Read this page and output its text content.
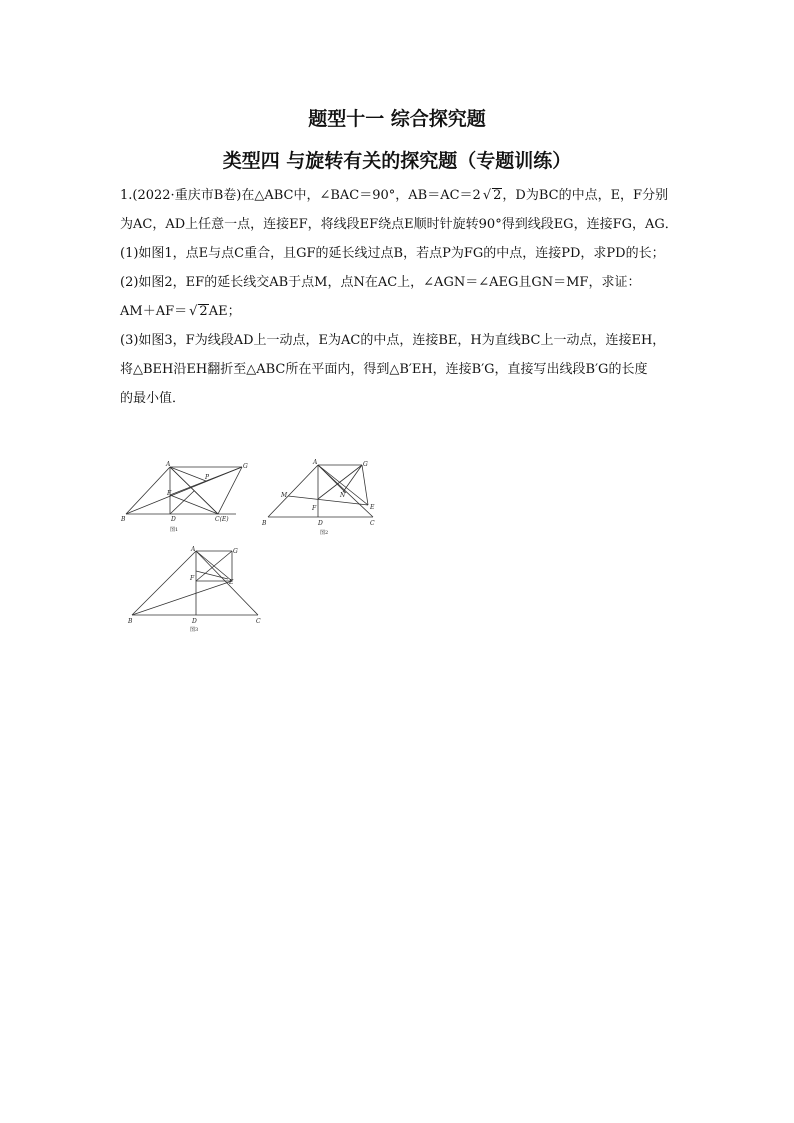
题型十一 综合探究题
类型四 与旋转有关的探究题（专题训练）
1.(2022·重庆市B卷)在△ABC中，∠BAC＝90°，AB＝AC＝2 √ 2，D为BC的中点，E，F分别
为AC，AD上任意一点，连接EF，将线段EF绕点E顺时针旋转90°得到线段EG，连接FG，AG．
(1)如图1，点E与点C重合，且GF的延长线过点B，若点P为FG的中点，连接PD，求PD的长；
(2)如图2，EF的延长线交AB于点M，点N在AC上，∠AGN＝∠AEG且GN＝MF，求证：
AM＋AF＝ √ 2AE；
(3)如图3，F为线段AD上一动点，E为AC的中点，连接BE，H为直线BC上一动点，连接EH，
将△BEH沿EH翻折至△ABC所在平面内，得到△B′EH，连接B′G，直接写出线段B′G的长度
的最小值．
A	G
P
F
B	D	C(E)
图1
A	G
M	N
F	E
B	D	C
图2
A	G
F
E
B	D	C
图3
